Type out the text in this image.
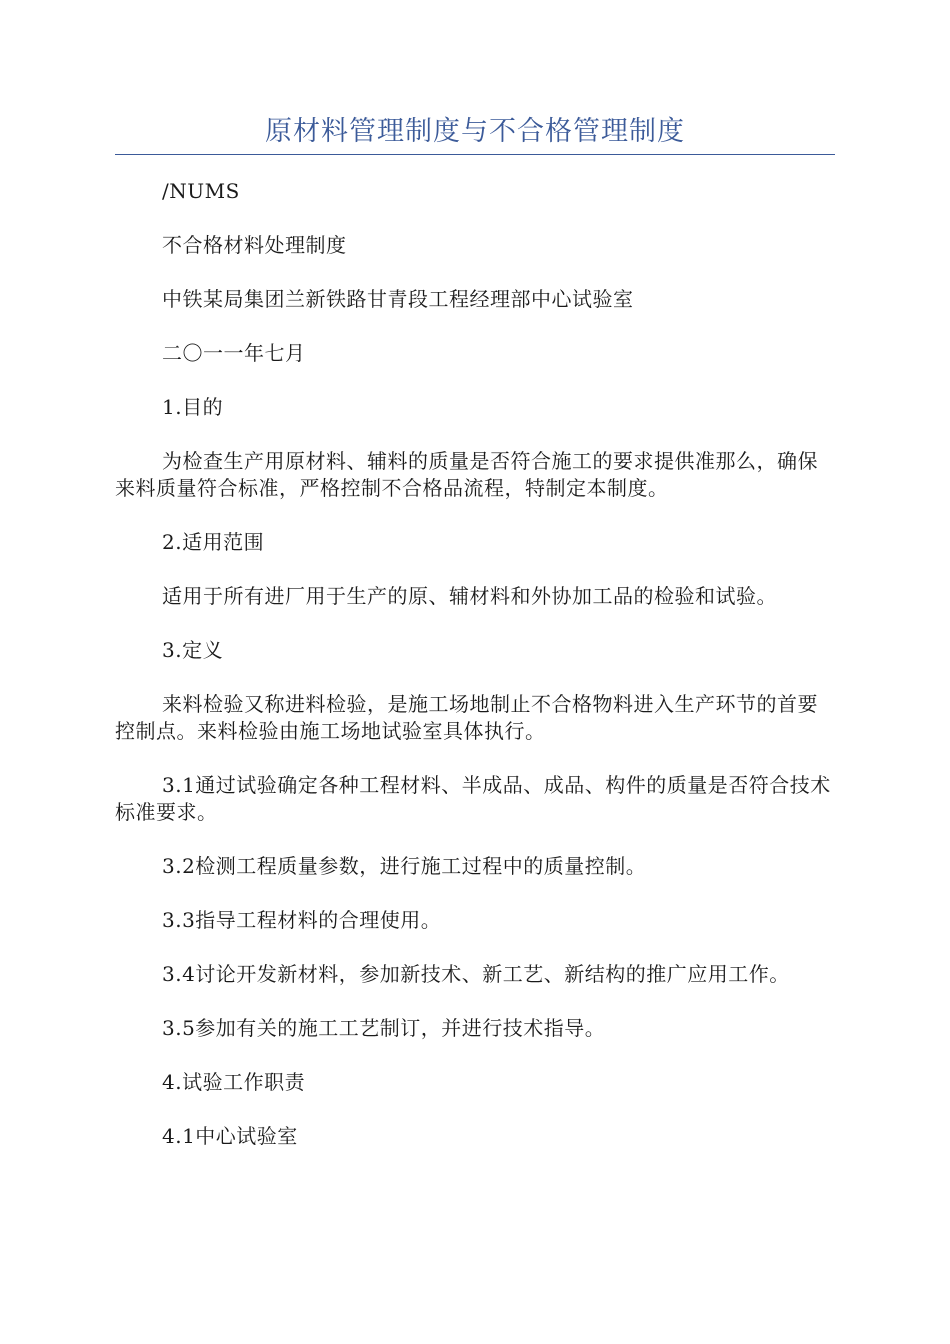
原材料管理制度与不合格管理制度

/NUMS

不合格材料处理制度

中铁某局集团兰新铁路甘青段工程经理部中心试验室

二〇一一年七月

1.目的

为检查生产用原材料、辅料的质量是否符合施工的要求提供准那么，确保来料质量符合标准，严格控制不合格品流程，特制定本制度。

2.适用范围

适用于所有进厂用于生产的原、辅材料和外协加工品的检验和试验。

3.定义

来料检验又称进料检验，是施工场地制止不合格物料进入生产环节的首要控制点。来料检验由施工场地试验室具体执行。

3.1通过试验确定各种工程材料、半成品、成品、构件的质量是否符合技术标准要求。

3.2检测工程质量参数，进行施工过程中的质量控制。

3.3指导工程材料的合理使用。

3.4讨论开发新材料，参加新技术、新工艺、新结构的推广应用工作。

3.5参加有关的施工工艺制订，并进行技术指导。

4.试验工作职责

4.1中心试验室
